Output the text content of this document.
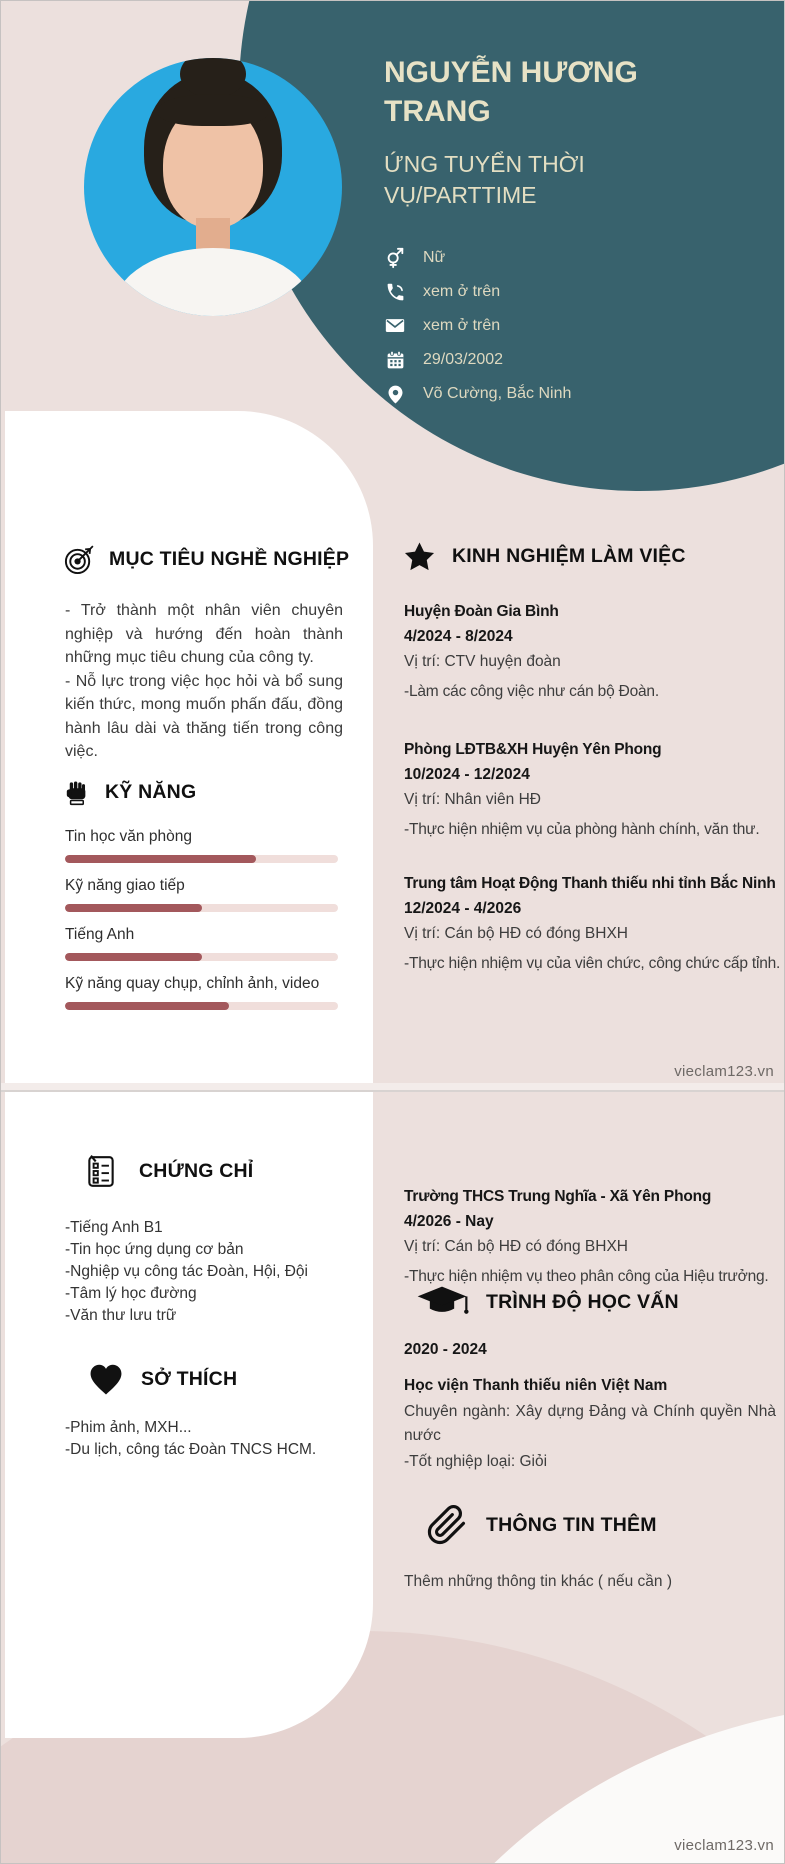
NGUYỄN HƯƠNG TRANG
ỨNG TUYỂN THỜI VỤ/PARTTIME
Nữ
xem ở trên
xem ở trên
29/03/2002
Võ Cường, Bắc Ninh
MỤC TIÊU NGHỀ NGHIỆP

- Trở thành một nhân viên chuyên nghiệp và hướng đến hoàn thành những mục tiêu chung của công ty.

- Nỗ lực trong việc học hỏi và bổ sung kiến thức, mong muốn phấn đấu, đồng hành lâu dài và thăng tiến trong công việc.

KỸ NĂNG
Tin học văn phòng
Kỹ năng giao tiếp
Tiếng Anh
Kỹ năng quay chụp, chỉnh ảnh, video
KINH NGHIỆM LÀM VIỆC
Huyện Đoàn Gia Bình
4/2024 - 8/2024
Vị trí: CTV huyện đoàn
-Làm các công việc như cán bộ Đoàn.
Phòng LĐTB&XH Huyện Yên Phong
10/2024 - 12/2024
Vị trí: Nhân viên HĐ
-Thực hiện nhiệm vụ của phòng hành chính, văn thư.
Trung tâm Hoạt Động Thanh thiếu nhi tỉnh Bắc Ninh
12/2024 - 4/2026
Vị trí: Cán bộ HĐ có đóng BHXH
-Thực hiện nhiệm vụ của viên chức, công chức cấp tỉnh.
Trường THCS Trung Nghĩa - Xã Yên Phong
4/2026 - Nay
Vị trí: Cán bộ HĐ có đóng BHXH
-Thực hiện nhiệm vụ theo phân công của Hiệu trưởng.
vieclam123.vn
CHỨNG CHỈ
-Tiếng Anh B1
-Tin học ứng dụng cơ bản
-Nghiệp vụ công tác Đoàn, Hội, Đội
-Tâm lý học đường
-Văn thư lưu trữ
SỞ THÍCH
-Phim ảnh, MXH...
-Du lịch, công tác Đoàn TNCS HCM.
TRÌNH ĐỘ HỌC VẤN
2020 - 2024
Học viện Thanh thiếu niên Việt Nam
Chuyên ngành: Xây dựng Đảng và Chính quyền Nhà nước
-Tốt nghiệp loại: Giỏi
THÔNG TIN THÊM
Thêm những thông tin khác ( nếu cần )
vieclam123.vn
